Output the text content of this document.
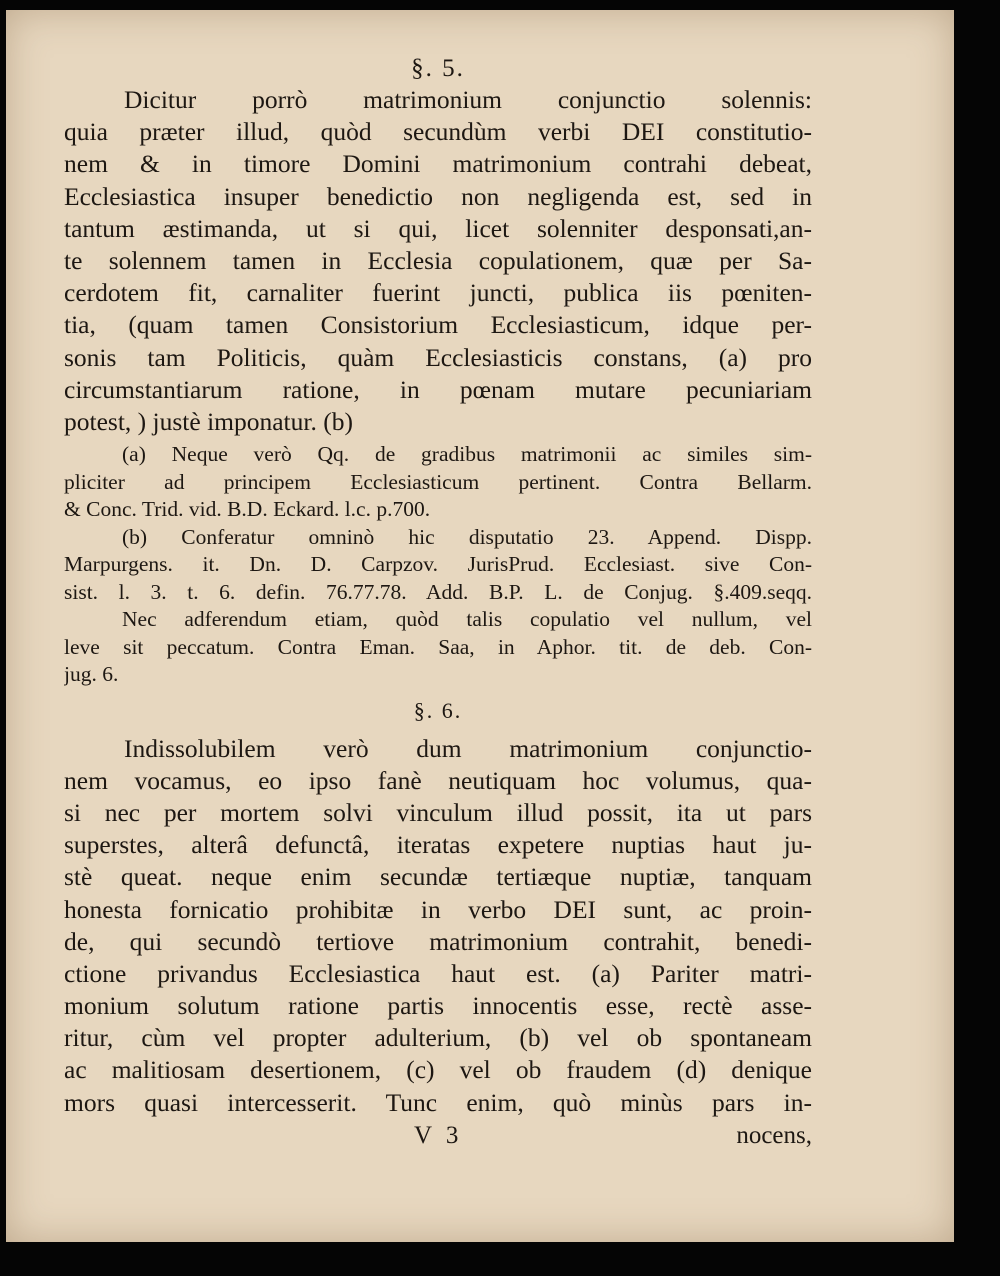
§. 5.
Dicitur porrò matrimonium conjunctio solennis:
quia præter illud, quòd secundùm verbi DEI constitutio-
nem & in timore Domini matrimonium contrahi debeat,
Ecclesiastica insuper benedictio non negligenda est, sed in
tantum æstimanda, ut si qui, licet solenniter desponsati,an-
te solennem tamen in Ecclesia copulationem, quæ per Sa-
cerdotem fit, carnaliter fuerint juncti, publica iis pœniten-
tia, (quam tamen Consistorium Ecclesiasticum, idque per-
sonis tam Politicis, quàm Ecclesiasticis constans, (a) pro
circumstantiarum ratione, in pœnam mutare pecuniariam
potest, ) justè imponatur. (b)
(a) Neque verò Qq. de gradibus matrimonii ac similes sim-
pliciter ad principem Ecclesiasticum pertinent. Contra Bellarm.
& Conc. Trid. vid. B.D. Eckard. l.c. p.700.
(b) Conferatur omninò hic disputatio 23. Append. Dispp.
Marpurgens. it. Dn. D. Carpzov. JurisPrud. Ecclesiast. sive Con-
sist. l. 3. t. 6. defin. 76.77.78. Add. B.P. L. de Conjug. §.409.seqq.
Nec adferendum etiam, quòd talis copulatio vel nullum, vel
leve sit peccatum. Contra Eman. Saa, in Aphor. tit. de deb. Con-
jug. 6.
§. 6.
Indissolubilem verò dum matrimonium conjunctio-
nem vocamus, eo ipso fanè neutiquam hoc volumus, qua-
si nec per mortem solvi vinculum illud possit, ita ut pars
superstes, alterâ defunctâ, iteratas expetere nuptias haut ju-
stè queat. neque enim secundæ tertiæque nuptiæ, tanquam
honesta fornicatio prohibitæ in verbo DEI sunt, ac proin-
de, qui secundò tertiove matrimonium contrahit, benedi-
ctione privandus Ecclesiastica haut est. (a) Pariter matri-
monium solutum ratione partis innocentis esse, rectè asse-
ritur, cùm vel propter adulterium, (b) vel ob spontaneam
ac malitiosam desertionem, (c) vel ob fraudem (d) denique
mors quasi intercesserit. Tunc enim, quò minùs pars in-
V 3	nocens,
